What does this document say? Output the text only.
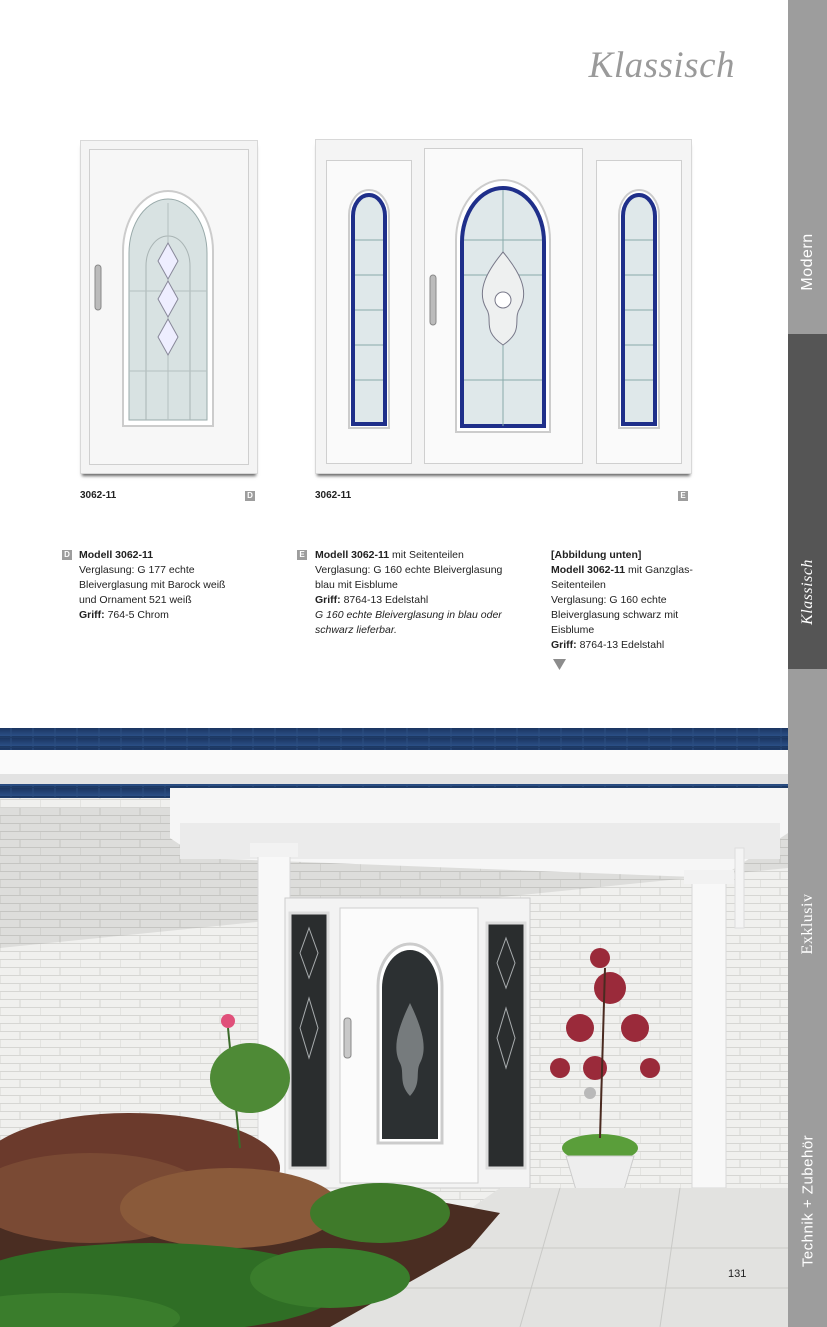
Klassisch
Modern
Klassisch
Exklusiv
Technik + Zubehör
3062-11	D	3062-11	E
D Modell 3062-11
Verglasung: G 177 echte
Bleiverglasung mit Barock weiß
und Ornament 521 weiß
Griff: 764-5 Chrom
E Modell 3062-11 mit Seitenteilen
Verglasung: G 160 echte Bleiverglasung
blau mit Eisblume
Griff: 8764-13 Edelstahl
G 160 echte Bleiverglasung in blau oder
schwarz lieferbar.
[Abbildung unten]
Modell 3062-11 mit Ganzglas-
Seitenteilen
Verglasung: G 160 echte
Bleiverglasung schwarz mit
Eisblume
Griff: 8764-13 Edelstahl
131
